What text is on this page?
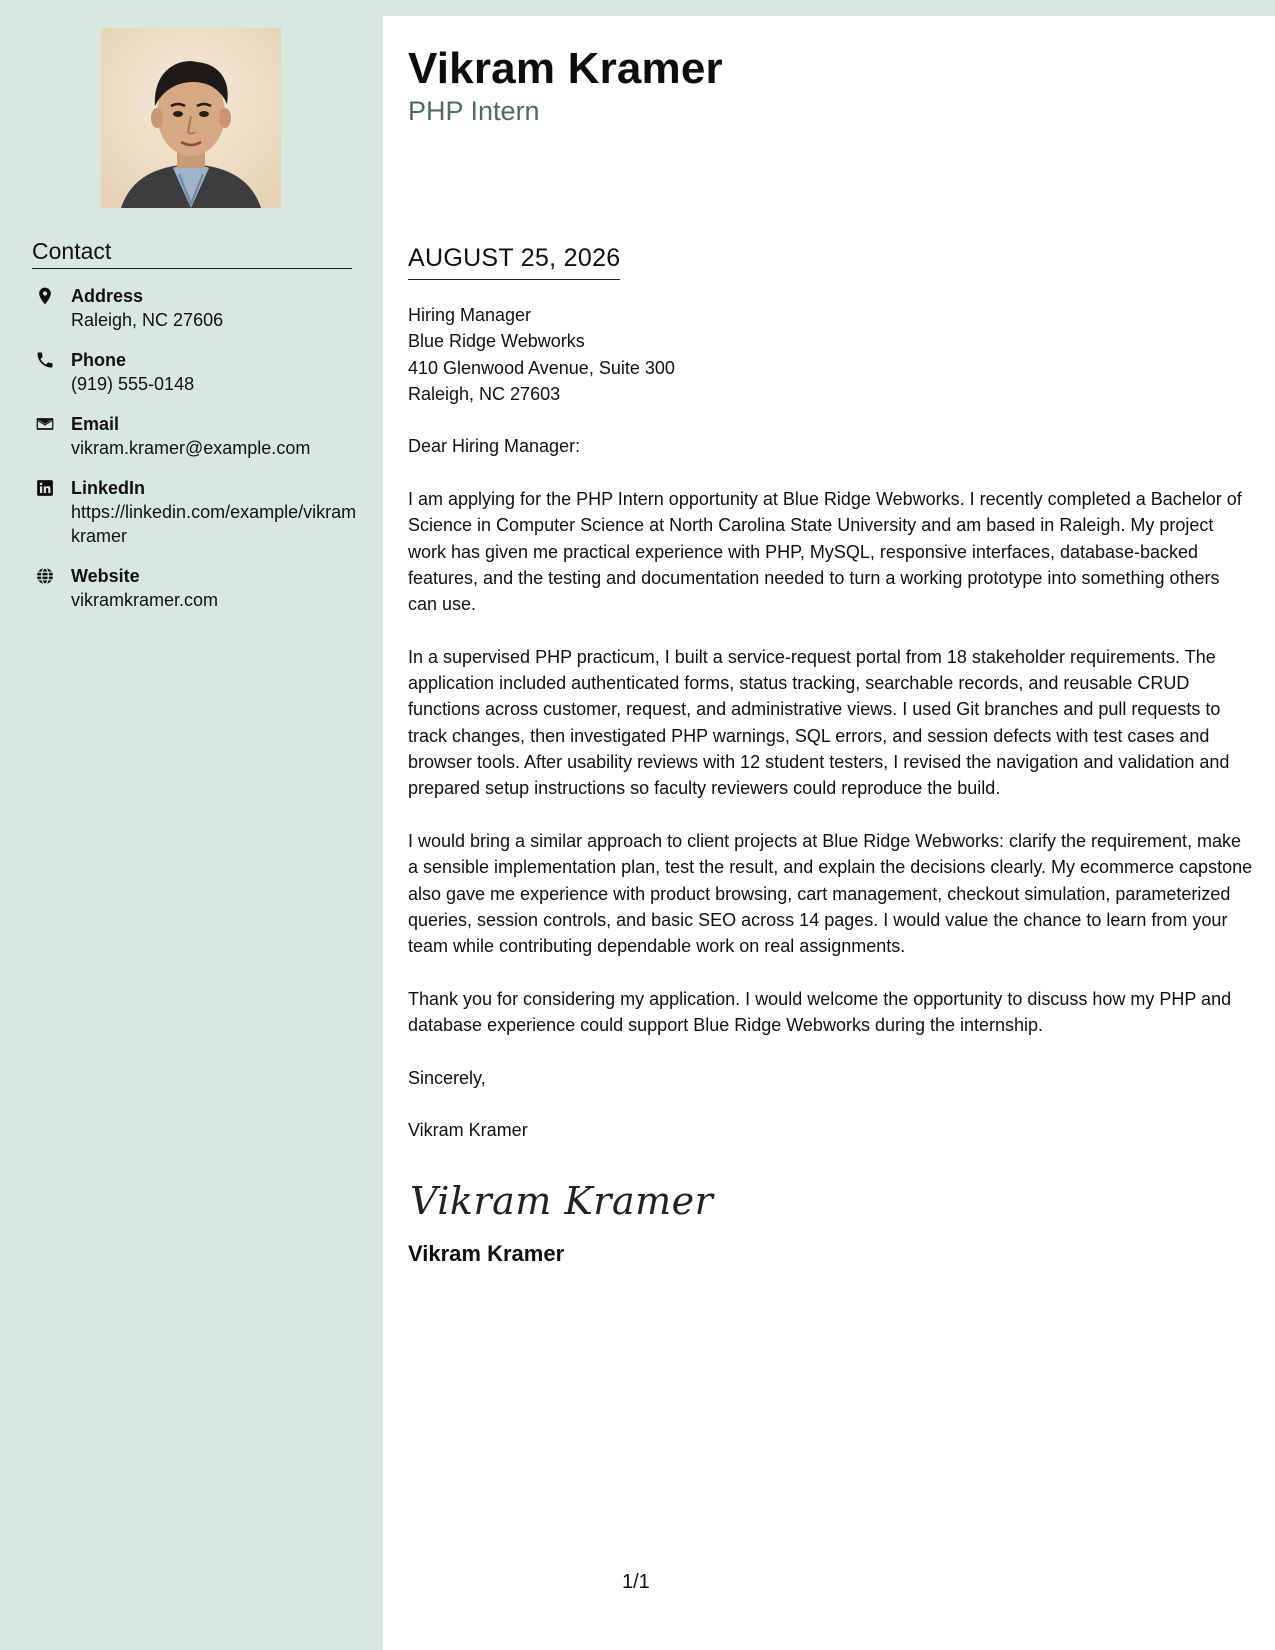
Contact
Address
Raleigh, NC 27606
Phone
(919) 555-0148
Email
vikram.kramer@example.com
LinkedIn
https://linkedin.com/example/vikramkramer
Website
vikramkramer.com
Vikram Kramer
PHP Intern
AUGUST 25, 2026

Hiring Manager

Blue Ridge Webworks

410 Glenwood Avenue, Suite 300

Raleigh, NC 27603

Dear Hiring Manager:

I am applying for the PHP Intern opportunity at Blue Ridge Webworks. I recently completed a Bachelor of Science in Computer Science at North Carolina State University and am based in Raleigh. My project work has given me practical experience with PHP, MySQL, responsive interfaces, database-backed features, and the testing and documentation needed to turn a working prototype into something others can use.

In a supervised PHP practicum, I built a service-request portal from 18 stakeholder requirements. The application included authenticated forms, status tracking, searchable records, and reusable CRUD functions across customer, request, and administrative views. I used Git branches and pull requests to track changes, then investigated PHP warnings, SQL errors, and session defects with test cases and browser tools. After usability reviews with 12 student testers, I revised the navigation and validation and prepared setup instructions so faculty reviewers could reproduce the build.

I would bring a similar approach to client projects at Blue Ridge Webworks: clarify the requirement, make a sensible implementation plan, test the result, and explain the decisions clearly. My ecommerce capstone also gave me experience with product browsing, cart management, checkout simulation, parameterized queries, session controls, and basic SEO across 14 pages. I would value the chance to learn from your team while contributing dependable work on real assignments.

Thank you for considering my application. I would welcome the opportunity to discuss how my PHP and database experience could support Blue Ridge Webworks during the internship.

Sincerely,

Vikram Kramer

Vikram Kramer
Vikram Kramer
1/1
